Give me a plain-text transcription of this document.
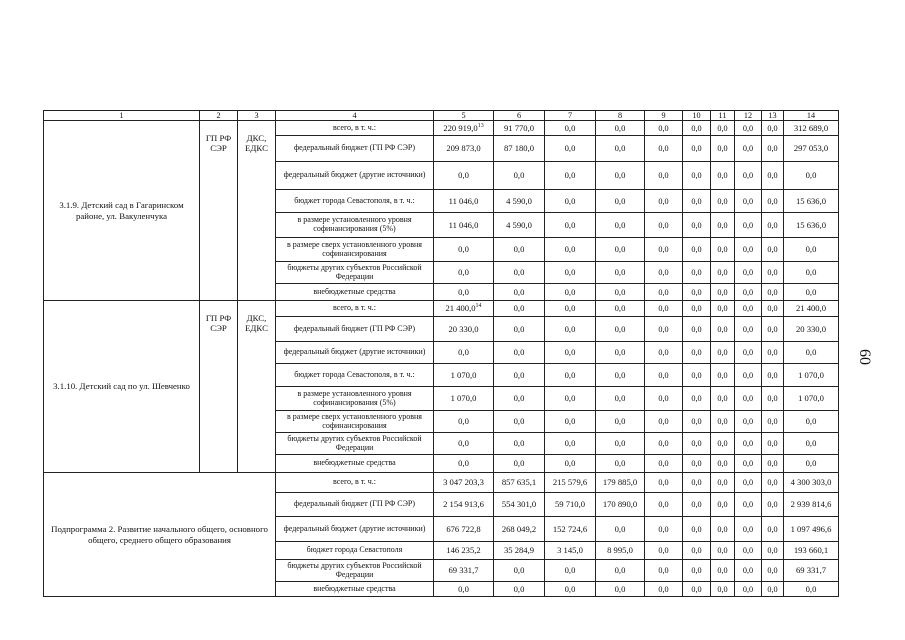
1	2	3	4	5	6	7	8	9	10	11	12	13	14
3.1.9. Детский сад в Гагаринском районе, ул. Вакуленчука	ГП РФ СЭР	ДКС, ЕДКС	всего, в т. ч.:	220 919,0$^{13}$	91 770,0	0,0	0,0	0,0	0,0	0,0	0,0	0,0	312 689,0
			федеральный бюджет (ГП РФ СЭР)	209 873,0	87 180,0	0,0	0,0	0,0	0,0	0,0	0,0	0,0	297 053,0
			федеральный бюджет (другие источники)	0,0	0,0	0,0	0,0	0,0	0,0	0,0	0,0	0,0	0,0
			бюджет города Севастополя, в т. ч.:	11 046,0	4 590,0	0,0	0,0	0,0	0,0	0,0	0,0	0,0	15 636,0
			в размере установленного уровня софинансирования (5%)	11 046,0	4 590,0	0,0	0,0	0,0	0,0	0,0	0,0	0,0	15 636,0
			в размере сверх установленного уровня софинансирования	0,0	0,0	0,0	0,0	0,0	0,0	0,0	0,0	0,0	0,0
			бюджеты других субъектов Российской Федерации	0,0	0,0	0,0	0,0	0,0	0,0	0,0	0,0	0,0	0,0
			внебюджетные средства	0,0	0,0	0,0	0,0	0,0	0,0	0,0	0,0	0,0	0,0
3.1.10. Детский сад по ул. Шевченко	ГП РФ СЭР	ДКС, ЕДКС	всего, в т. ч.:	21 400,0$^{14}$	0,0	0,0	0,0	0,0	0,0	0,0	0,0	0,0	21 400,0
			федеральный бюджет (ГП РФ СЭР)	20 330,0	0,0	0,0	0,0	0,0	0,0	0,0	0,0	0,0	20 330,0
			федеральный бюджет (другие источники)	0,0	0,0	0,0	0,0	0,0	0,0	0,0	0,0	0,0	0,0
			бюджет города Севастополя, в т. ч.:	1 070,0	0,0	0,0	0,0	0,0	0,0	0,0	0,0	0,0	1 070,0
			в размере установленного уровня софинансирования (5%)	1 070,0	0,0	0,0	0,0	0,0	0,0	0,0	0,0	0,0	1 070,0
			в размере сверх установленного уровня софинансирования	0,0	0,0	0,0	0,0	0,0	0,0	0,0	0,0	0,0	0,0
			бюджеты других субъектов Российской Федерации	0,0	0,0	0,0	0,0	0,0	0,0	0,0	0,0	0,0	0,0
			внебюджетные средства	0,0	0,0	0,0	0,0	0,0	0,0	0,0	0,0	0,0	0,0
Подпрограмма 2. Развитие начального общего, основного общего, среднего общего образования			всего, в т. ч.:	3 047 203,3	857 635,1	215 579,6	179 885,0	0,0	0,0	0,0	0,0	0,0	4 300 303,0
			федеральный бюджет (ГП РФ СЭР)	2 154 913,6	554 301,0	59 710,0	170 890,0	0,0	0,0	0,0	0,0	0,0	2 939 814,6
			федеральный бюджет (другие источники)	676 722,8	268 049,2	152 724,6	0,0	0,0	0,0	0,0	0,0	0,0	1 097 496,6
			бюджет города Севастополя	146 235,2	35 284,9	3 145,0	8 995,0	0,0	0,0	0,0	0,0	0,0	193 660,1
			бюджеты других субъектов Российской Федерации	69 331,7	0,0	0,0	0,0	0,0	0,0	0,0	0,0	0,0	69 331,7
			внебюджетные средства	0,0	0,0	0,0	0,0	0,0	0,0	0,0	0,0	0,0	0,0
60
